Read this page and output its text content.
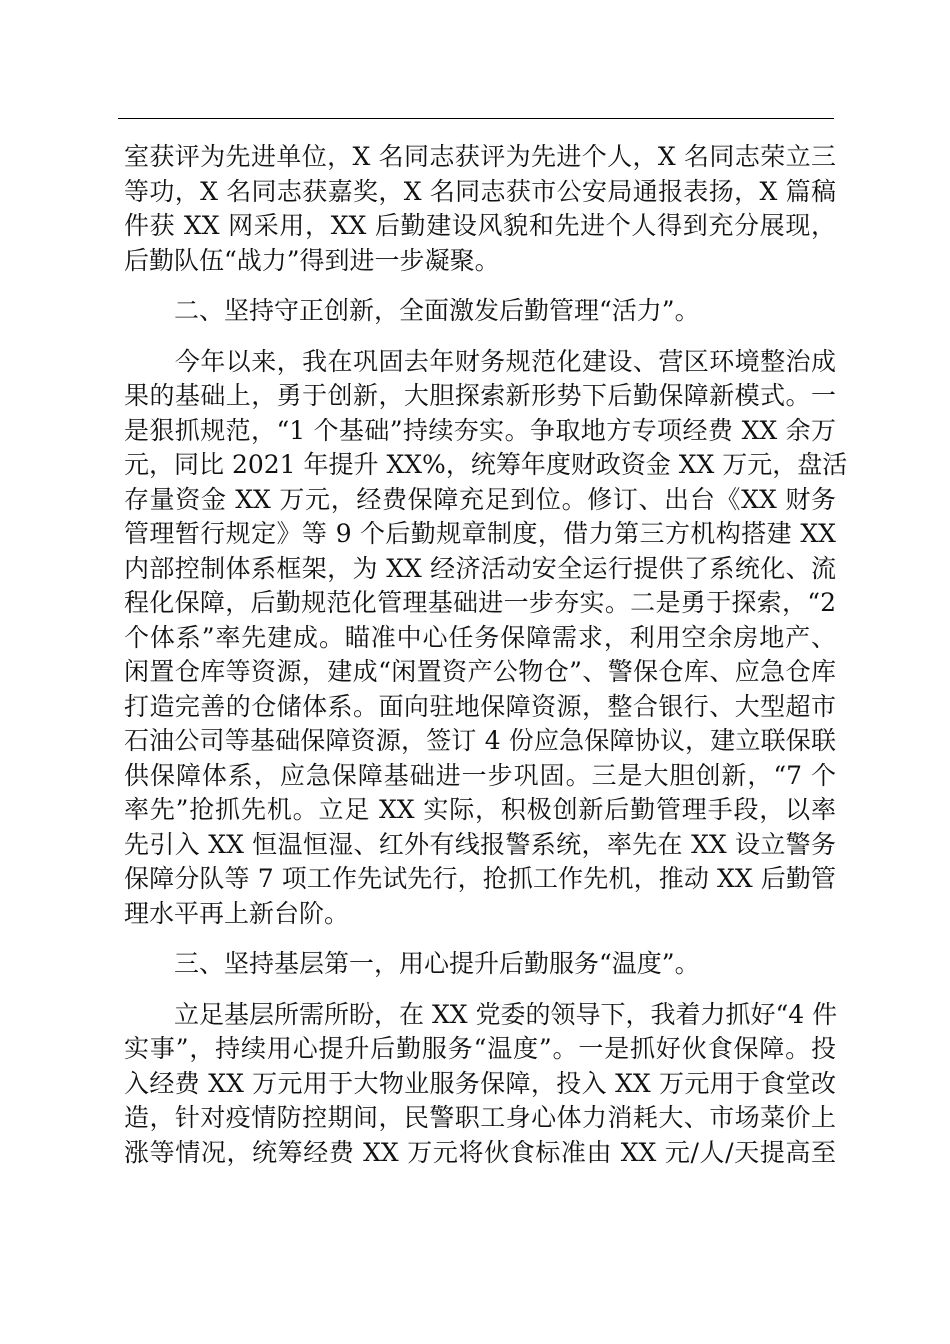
室获评为先进单位，X 名同志获评为先进个人，X 名同志荣立三
等功，X 名同志获嘉奖，X 名同志获市公安局通报表扬，X 篇稿
件获 XX 网采用，XX 后勤建设风貌和先进个人得到充分展现，
后勤队伍“战力”得到进一步凝聚。
　　二、坚持守正创新，全面激发后勤管理“活力”。
　　今年以来，我在巩固去年财务规范化建设、营区环境整治成
果的基础上，勇于创新，大胆探索新形势下后勤保障新模式。一
是狠抓规范，“1 个基础”持续夯实。争取地方专项经费 XX 余万
元，同比 2021 年提升 XX%，统筹年度财政资金 XX 万元，盘活
存量资金 XX 万元，经费保障充足到位。修订、出台《XX 财务
管理暂行规定》等 9 个后勤规章制度，借力第三方机构搭建 XX
内部控制体系框架，为 XX 经济活动安全运行提供了系统化、流
程化保障，后勤规范化管理基础进一步夯实。二是勇于探索，“2
个体系”率先建成。瞄准中心任务保障需求，利用空余房地产、
闲置仓库等资源，建成“闲置资产公物仓”、警保仓库、应急仓库
打造完善的仓储体系。面向驻地保障资源，整合银行、大型超市
石油公司等基础保障资源，签订 4 份应急保障协议，建立联保联
供保障体系，应急保障基础进一步巩固。三是大胆创新，“7 个
率先”抢抓先机。立足 XX 实际，积极创新后勤管理手段，以率
先引入 XX 恒温恒湿、红外有线报警系统，率先在 XX 设立警务
保障分队等 7 项工作先试先行，抢抓工作先机，推动 XX 后勤管
理水平再上新台阶。
　　三、坚持基层第一，用心提升后勤服务“温度”。
　　立足基层所需所盼，在 XX 党委的领导下，我着力抓好“4 件
实事”，持续用心提升后勤服务“温度”。一是抓好伙食保障。投
入经费 XX 万元用于大物业服务保障，投入 XX 万元用于食堂改
造，针对疫情防控期间，民警职工身心体力消耗大、市场菜价上
涨等情况，统筹经费 XX 万元将伙食标准由 XX 元/人/天提高至
